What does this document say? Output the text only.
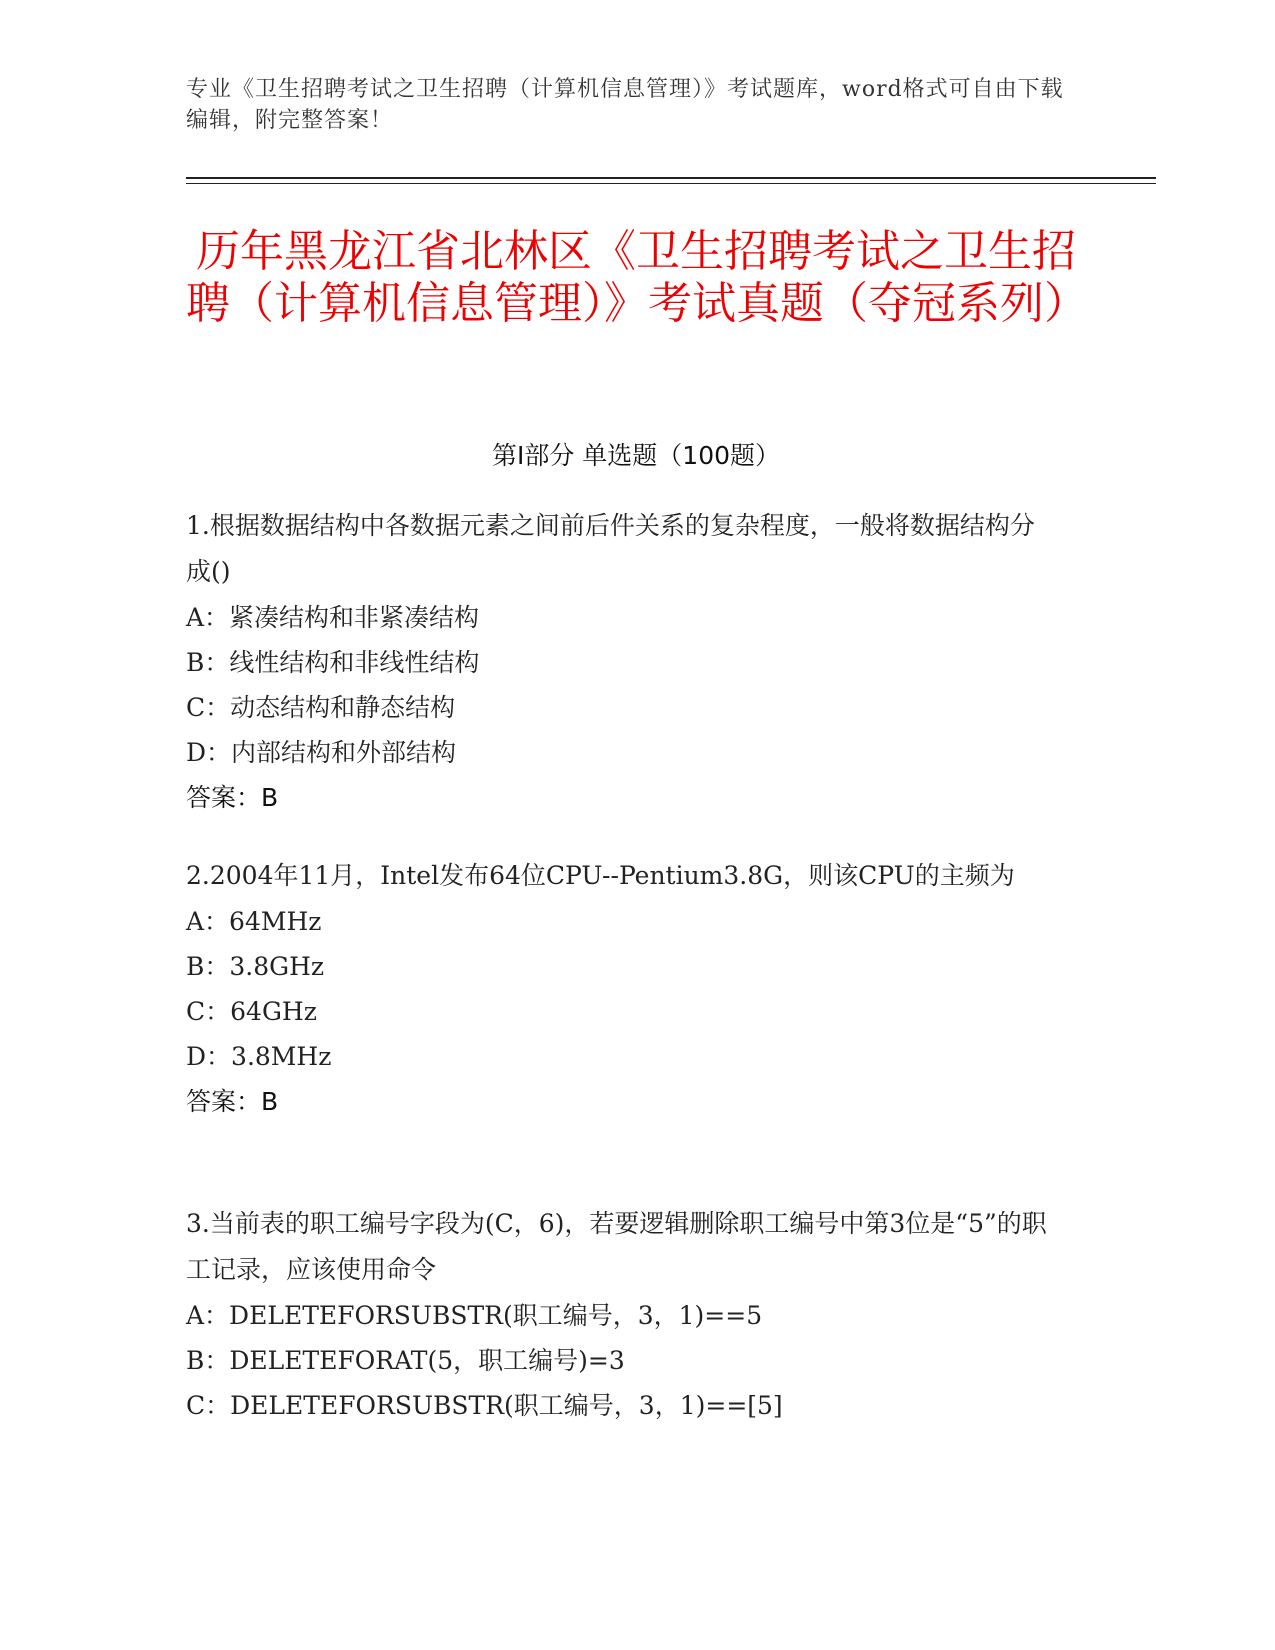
专业《卫生招聘考试之卫生招聘（计算机信息管理）》考试题库，word格式可自由下载编辑，附完整答案！
历年黑龙江省北林区《卫生招聘考试之卫生招聘（计算机信息管理）》考试真题（夺冠系列）
第Ⅰ部分 单选题（100题）

1.根据数据结构中各数据元素之间前后件关系的复杂程度，一般将数据结构分成()

A：紧凑结构和非紧凑结构

B：线性结构和非线性结构

C：动态结构和静态结构

D：内部结构和外部结构

答案：B

2.2004年11月，Intel发布64位CPU--Pentium3.8G，则该CPU的主频为

A：64MHz

B：3.8GHz

C：64GHz

D：3.8MHz

答案：B

3.当前表的职工编号字段为(C，6)，若要逻辑删除职工编号中第3位是“5”的职工记录，应该使用命令

A：DELETEFORSUBSTR(职工编号，3，1)==5

B：DELETEFORAT(5，职工编号)=3

C：DELETEFORSUBSTR(职工编号，3，1)==[5]
